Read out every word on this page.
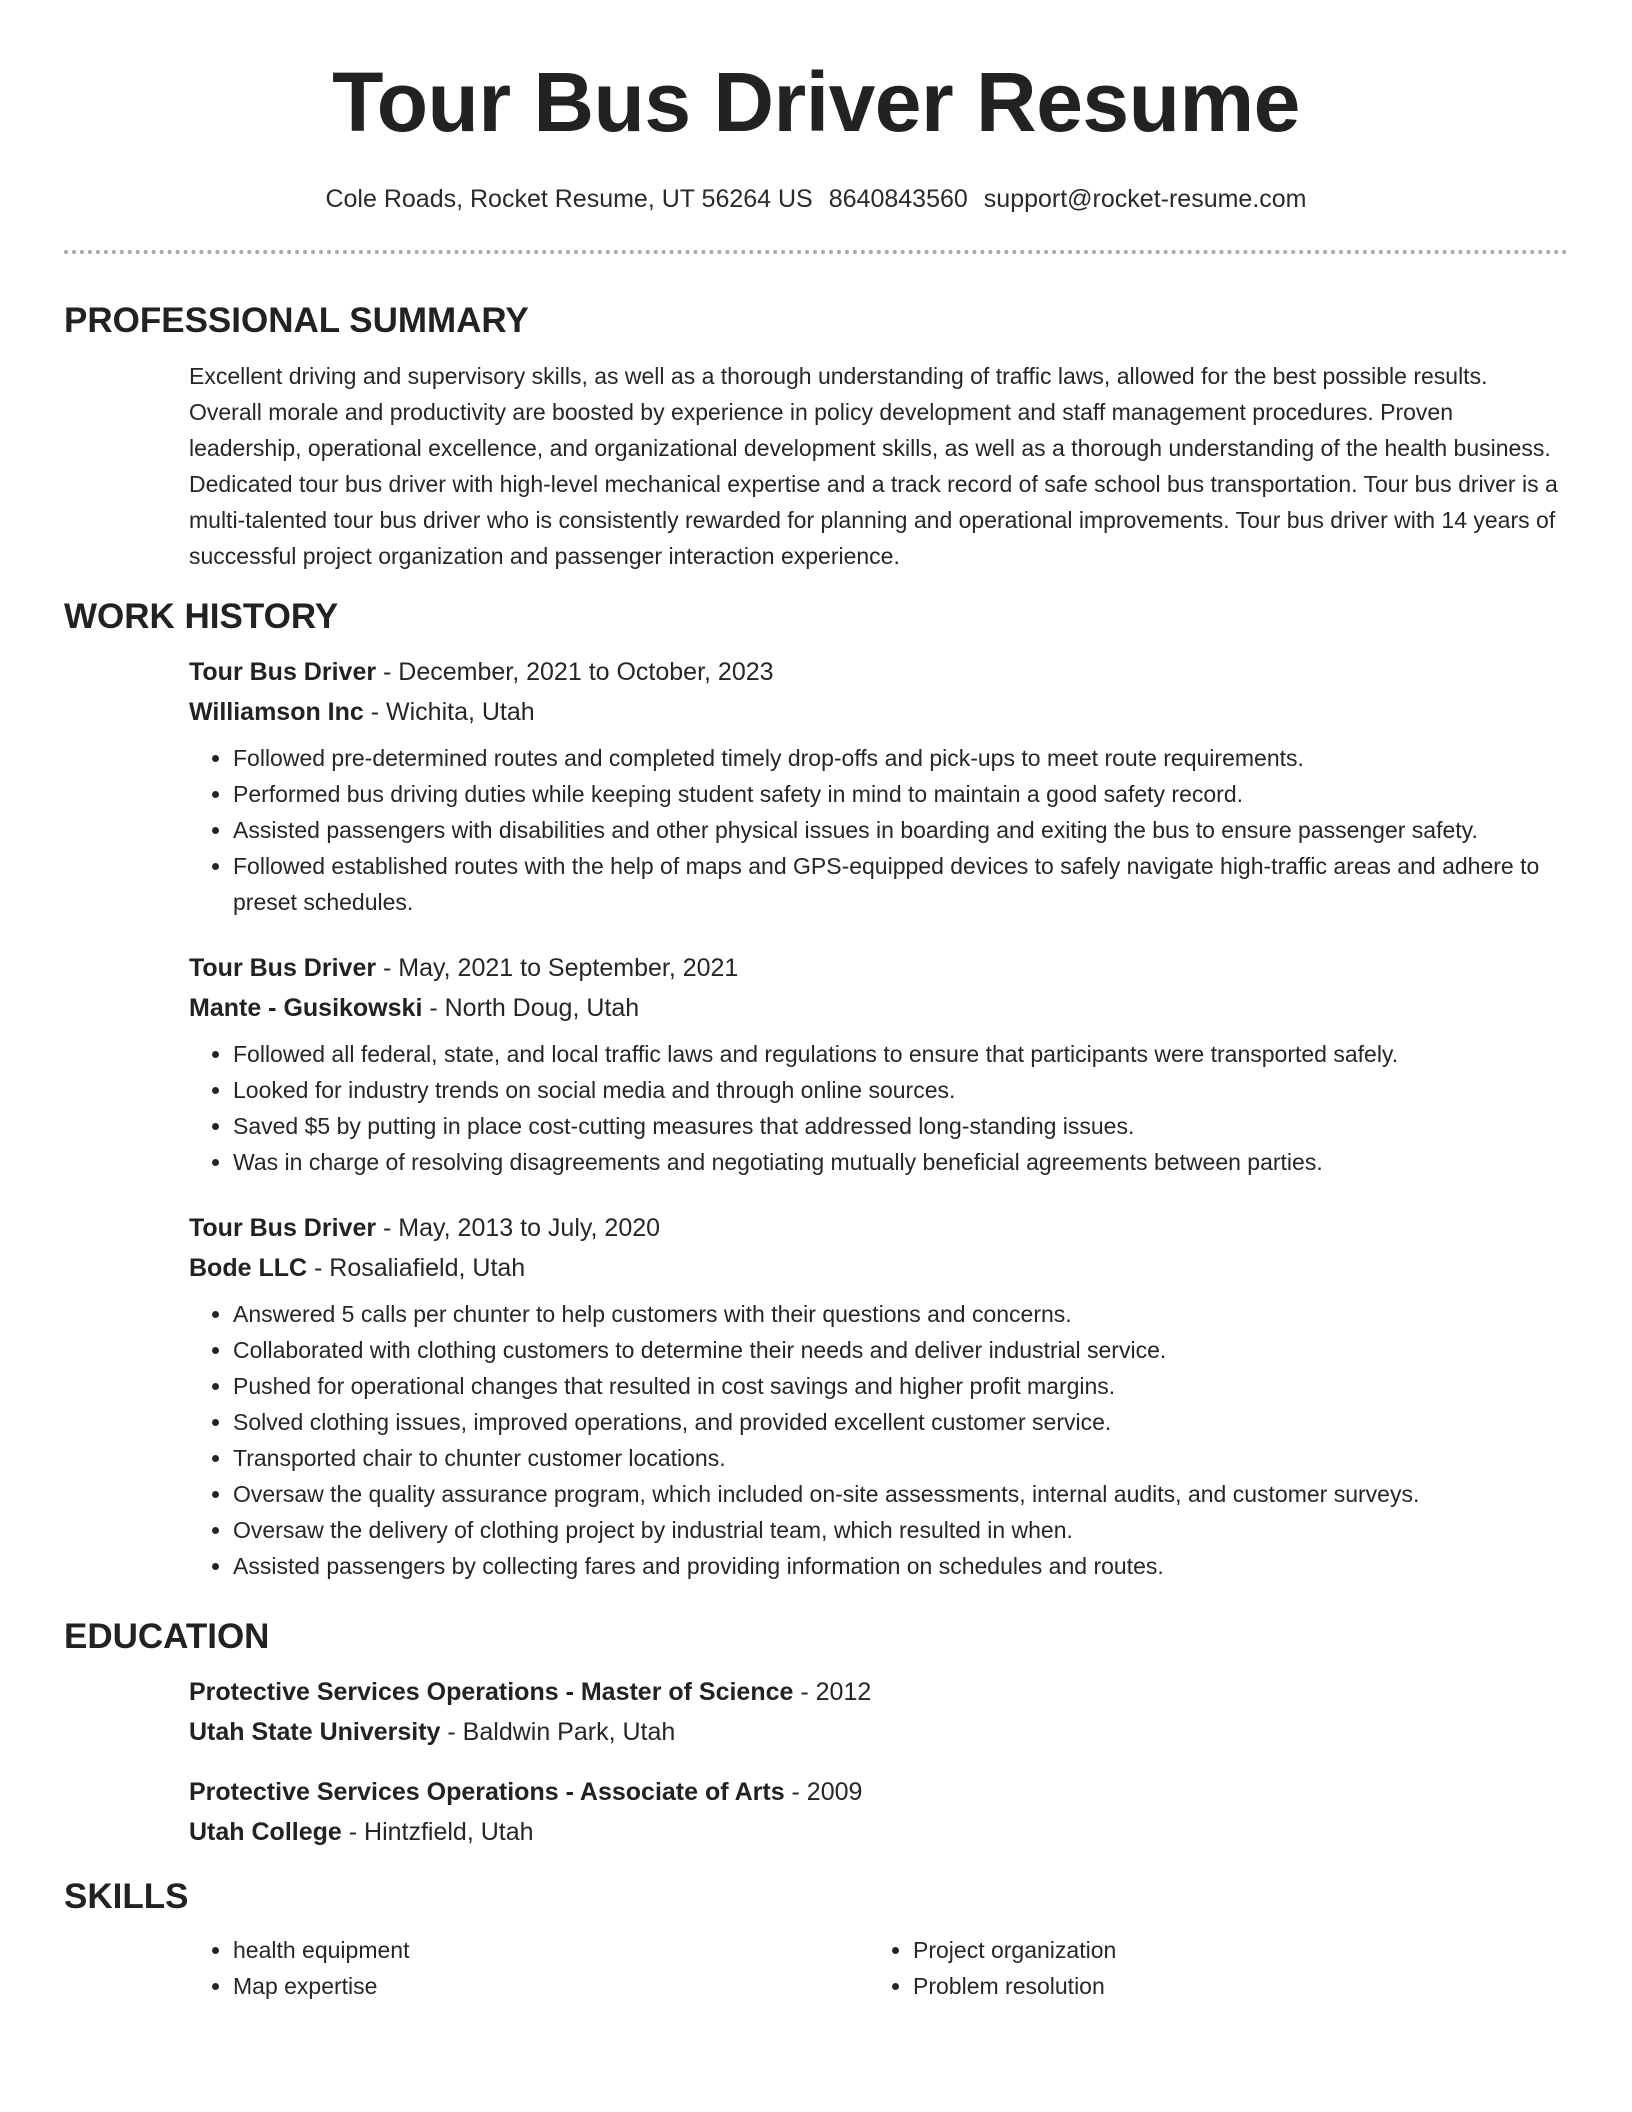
Tour Bus Driver Resume
Cole Roads, Rocket Resume, UT 56264 US 8640843560 support@rocket-resume.com
PROFESSIONAL SUMMARY
Excellent driving and supervisory skills, as well as a thorough understanding of traffic laws, allowed for the best possible results. Overall morale and productivity are boosted by experience in policy development and staff management procedures. Proven leadership, operational excellence, and organizational development skills, as well as a thorough understanding of the health business. Dedicated tour bus driver with high-level mechanical expertise and a track record of safe school bus transportation. Tour bus driver is a multi-talented tour bus driver who is consistently rewarded for planning and operational improvements. Tour bus driver with 14 years of successful project organization and passenger interaction experience.
WORK HISTORY
Tour Bus Driver - December, 2021 to October, 2023
Williamson Inc - Wichita, Utah
• Followed pre-determined routes and completed timely drop-offs and pick-ups to meet route requirements.
• Performed bus driving duties while keeping student safety in mind to maintain a good safety record.
• Assisted passengers with disabilities and other physical issues in boarding and exiting the bus to ensure passenger safety.
• Followed established routes with the help of maps and GPS-equipped devices to safely navigate high-traffic areas and adhere to preset schedules.
Tour Bus Driver - May, 2021 to September, 2021
Mante - Gusikowski - North Doug, Utah
• Followed all federal, state, and local traffic laws and regulations to ensure that participants were transported safely.
• Looked for industry trends on social media and through online sources.
• Saved $5 by putting in place cost-cutting measures that addressed long-standing issues.
• Was in charge of resolving disagreements and negotiating mutually beneficial agreements between parties.
Tour Bus Driver - May, 2013 to July, 2020
Bode LLC - Rosaliafield, Utah
• Answered 5 calls per chunter to help customers with their questions and concerns.
• Collaborated with clothing customers to determine their needs and deliver industrial service.
• Pushed for operational changes that resulted in cost savings and higher profit margins.
• Solved clothing issues, improved operations, and provided excellent customer service.
• Transported chair to chunter customer locations.
• Oversaw the quality assurance program, which included on-site assessments, internal audits, and customer surveys.
• Oversaw the delivery of clothing project by industrial team, which resulted in when.
• Assisted passengers by collecting fares and providing information on schedules and routes.
EDUCATION
Protective Services Operations - Master of Science - 2012
Utah State University - Baldwin Park, Utah
Protective Services Operations - Associate of Arts - 2009
Utah College - Hintzfield, Utah
SKILLS
• health equipment
• Map expertise
• Project organization
• Problem resolution
